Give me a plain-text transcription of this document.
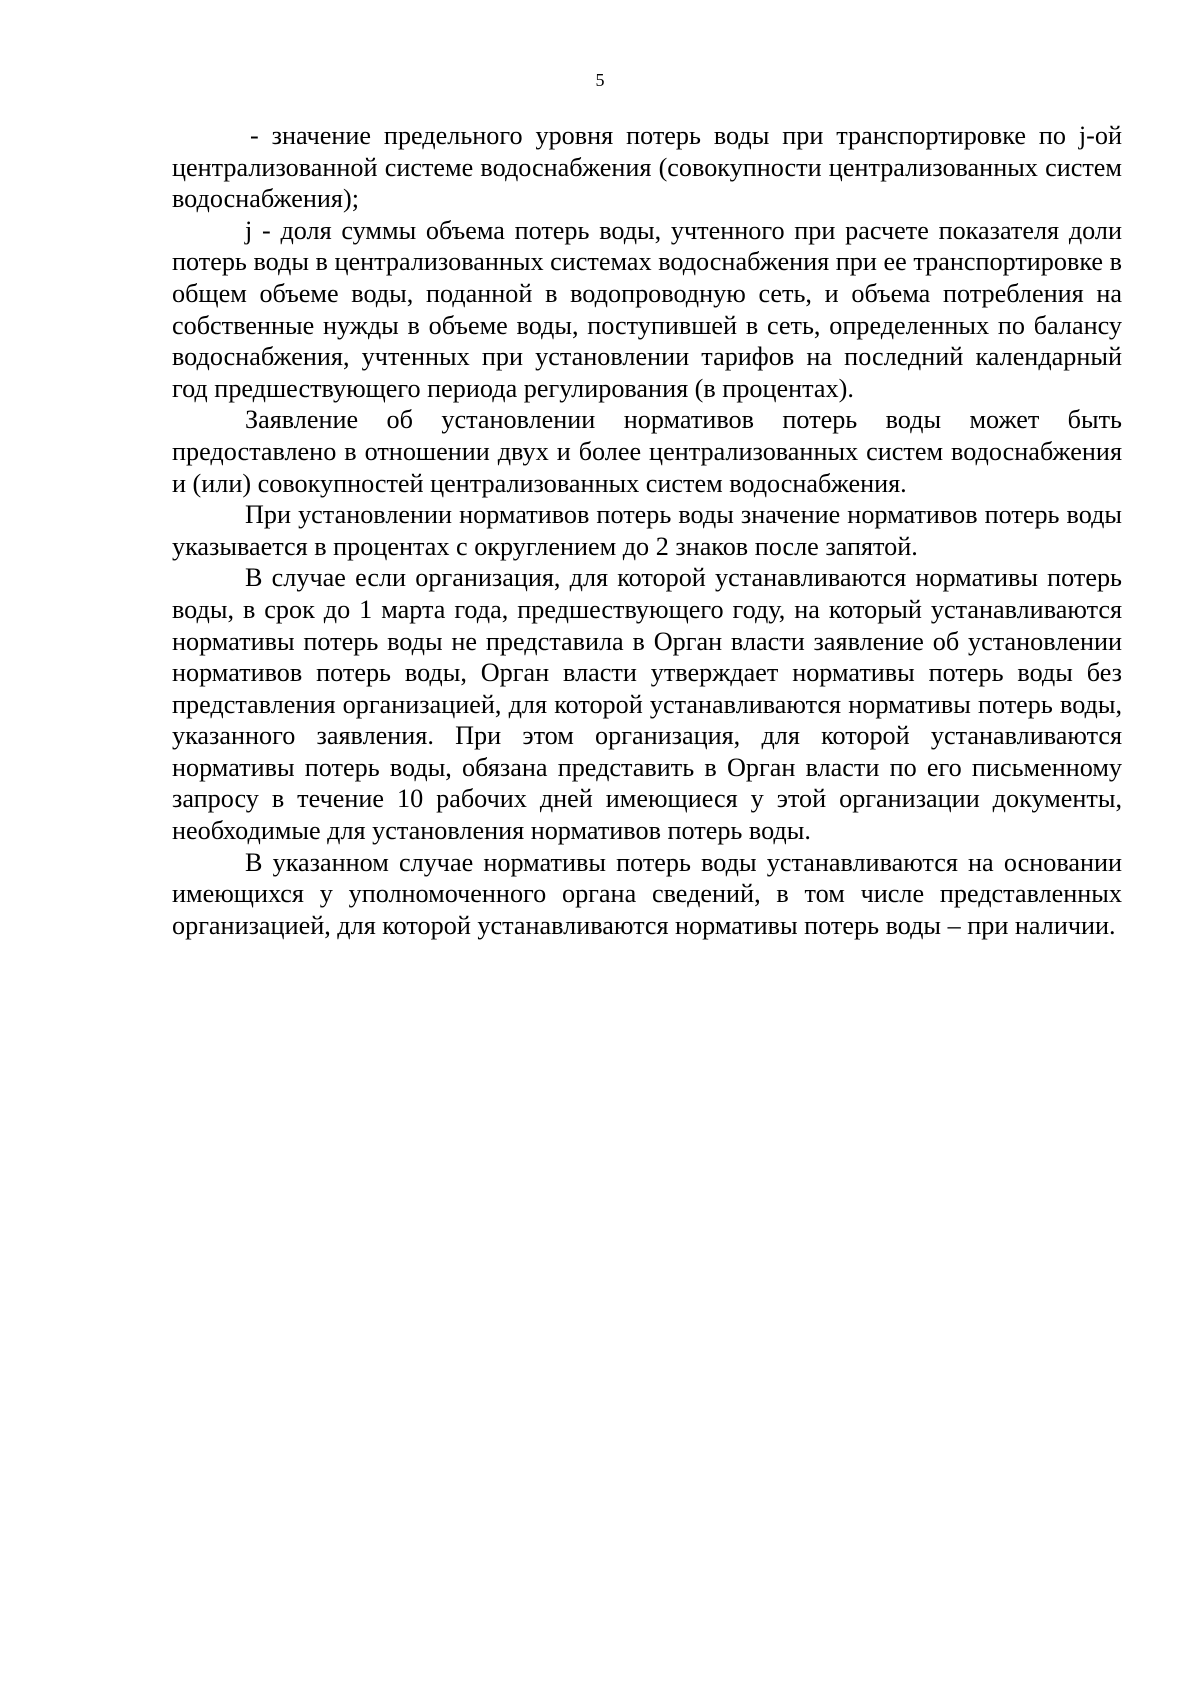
5

- значение предельного уровня потерь воды при транспортировке по j-ой централизованной системе водоснабжения (совокупности централизованных систем водоснабжения);

j - доля суммы объема потерь воды, учтенного при расчете показателя доли потерь воды в централизованных системах водоснабжения при ее транспортировке в общем объеме воды, поданной в водопроводную сеть, и объема потребления на собственные нужды в объеме воды, поступившей в сеть, определенных по балансу водоснабжения, учтенных при установлении тарифов на последний календарный год предшествующего периода регулирования (в процентах).

Заявление об установлении нормативов потерь воды может быть предоставлено в отношении двух и более централизованных систем водоснабжения и (или) совокупностей централизованных систем водоснабжения.

При установлении нормативов потерь воды значение нормативов потерь воды указывается в процентах с округлением до 2 знаков после запятой.

В случае если организация, для которой устанавливаются нормативы потерь воды, в срок до 1 марта года, предшествующего году, на который устанавливаются нормативы потерь воды не представила в Орган власти заявление об установлении нормативов потерь воды, Орган власти утверждает нормативы потерь воды без представления организацией, для которой устанавливаются нормативы потерь воды, указанного заявления. При этом организация, для которой устанавливаются нормативы потерь воды, обязана представить в Орган власти по его письменному запросу в течение 10 рабочих дней имеющиеся у этой организации документы, необходимые для установления нормативов потерь воды.

В указанном случае нормативы потерь воды устанавливаются на основании имеющихся у уполномоченного органа сведений, в том числе представленных организацией, для которой устанавливаются нормативы потерь воды – при наличии.
